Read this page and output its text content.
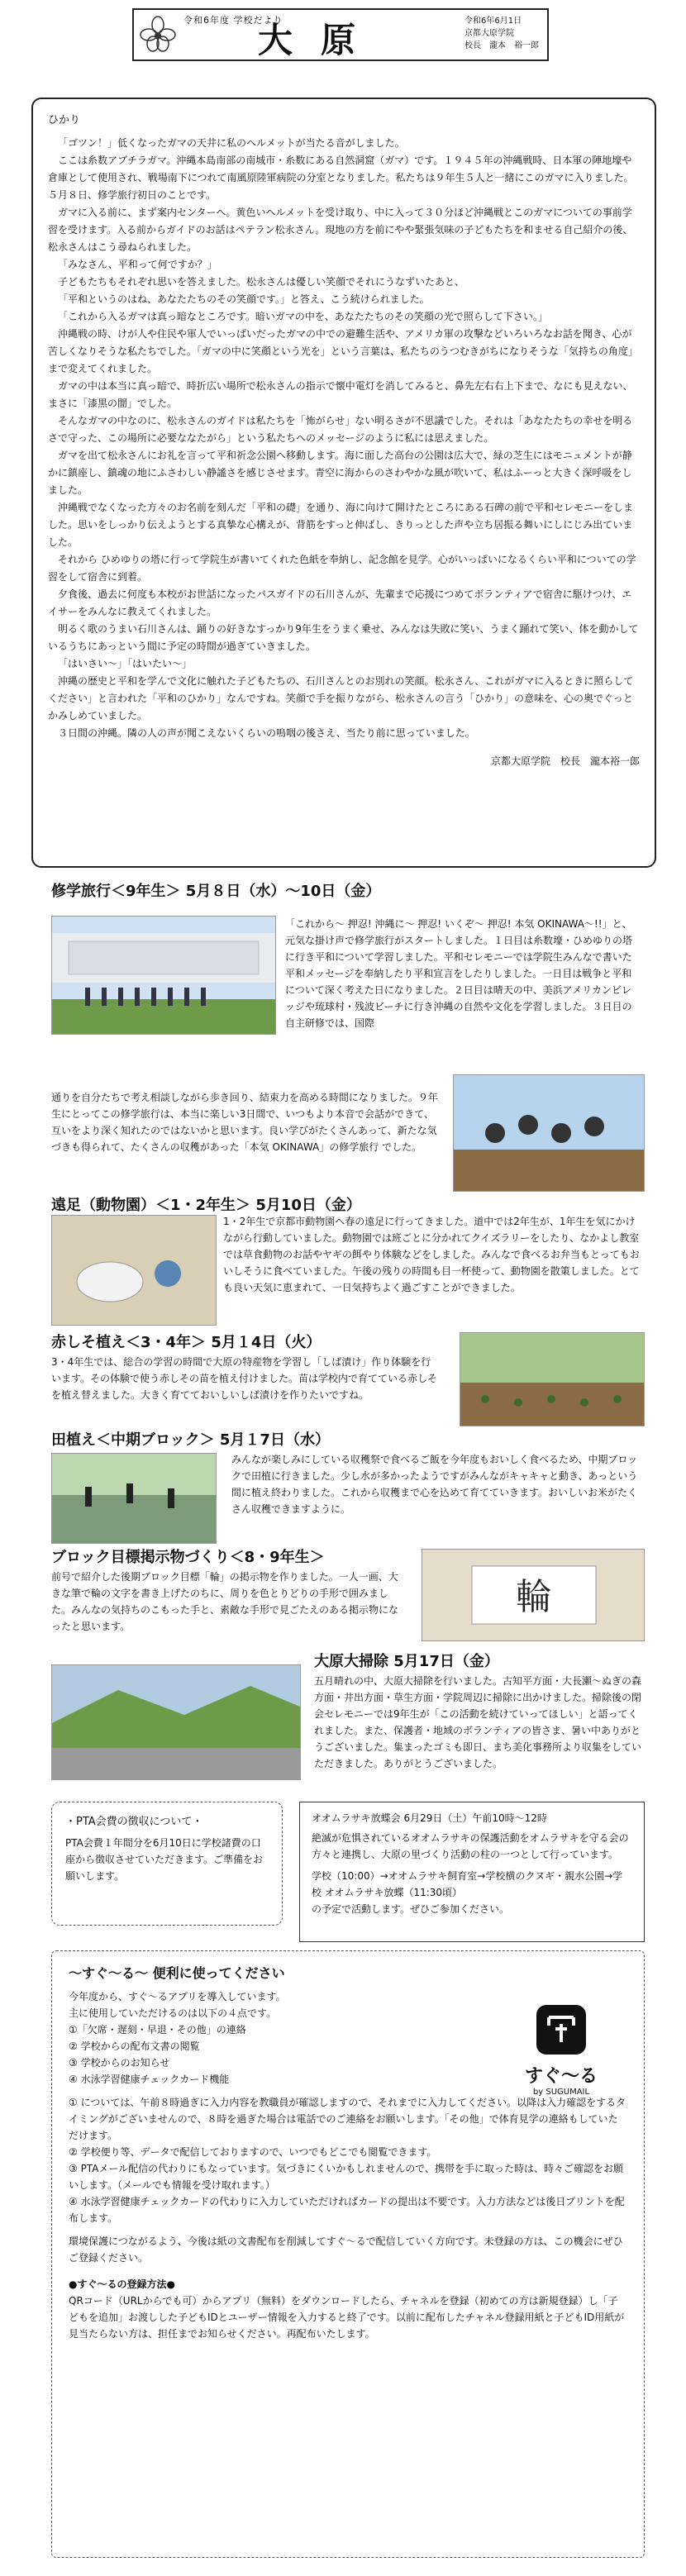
令和6年度 学校だより
大原	令和6年6月1日
京都大原学院
校長　瀧本　裕一郎
ひかり

「ゴツン！」低くなったガマの天井に私のヘルメットが当たる音がしました。

ここは糸数アブチラガマ。沖縄本島南部の南城市・糸数にある自然洞窟（ガマ）です。１９４５年の沖縄戦時、日本軍の陣地壕や倉庫として使用され、戦場南下につれて南風原陸軍病院の分室となりました。私たちは９年生５人と一緒にこのガマに入りました。５月８日、修学旅行初日のことです。

ガマに入る前に、まず案内センターへ。黄色いヘルメットを受け取り、中に入って３０分ほど沖縄戦とこのガマについての事前学習を受けます。入る前からガイドのお話はペテラン松永さん。現地の方を前にやや緊張気味の子どもたちを和ませる自己紹介の後、松永さんはこう尋ねられました。

「みなさん、平和って何ですか？」

子どもたちもそれぞれ思いを答えました。松永さんは優しい笑顔でそれにうなずいたあと、

「平和というのはね、あなたたちのその笑顔です。」と答え、こう続けられました。

「これから入るガマは真っ暗なところです。暗いガマの中を、あなたたちのその笑顔の光で照らして下さい。」

沖縄戦の時、けが人や住民や軍人でいっぱいだったガマの中での避難生活や、アメリカ軍の攻撃などいろいろなお話を聞き、心が苦しくなりそうな私たちでした。「ガマの中に笑顔という光を」という言葉は、私たちのうつむきがちになりそうな「気持ちの角度」まで変えてくれました。

ガマの中は本当に真っ暗で、時折広い場所で松永さんの指示で懐中電灯を消してみると、鼻先左右右上下まで、なにも見えない、まさに「漆黒の闇」でした。

そんなガマの中なのに、松永さんのガイドは私たちを「怖がらせ」ない明るさが不思議でした。それは「あなたたちの幸せを明るさで守った、この場所に必要ななたがら」という私たちへのメッセージのように私には思えました。

ガマを出て松永さんにお礼を言って平和祈念公園へ移動します。海に面した高台の公園は広大で、緑の芝生にはモニュメントが静かに鎮座し、鎮魂の地にふさわしい静謐さを感じさせます。青空に海からのさわやかな風が吹いて、私はふーっと大きく深呼吸をしました。

沖縄戦でなくなった方々のお名前を刻んだ「平和の礎」を通り、海に向けて開けたところにある石碑の前で平和セレモニーをしました。思いをしっかり伝えようとする真摯な心構えが、背筋をすっと伸ばし、きりっとした声や立ち居振る舞いにしにじみ出ていました。

それから ひめゆりの塔に行って学院生が書いてくれた色紙を奉納し、記念館を見学。心がいっぱいになるくらい平和についての学習をして宿舎に到着。

夕食後、過去に何度も本校がお世話になったバスガイドの石川さんが、先輩まで応援につめてボランティアで宿舎に駆けつけ、エイサーをみんなに教えてくれました。

明るく歌のうまい石川さんは、踊りの好きなすっかり9年生をうまく乗せ、みんなは失敗に笑い、うまく踊れて笑い、体を動かしているうちにあっという間に予定の時間が過ぎていきました。

「はいさい～」「はいたい～」

沖縄の歴史と平和を学んで文化に触れた子どもたちの、石川さんとのお別れの笑顔。松永さん、これがガマに入るときに照らしてください」と言われた「平和のひかり」なんですね。笑顔で手を振りながら、松永さんの言う「ひかり」の意味を、心の奥でぐっとかみしめていました。

３日間の沖縄。隣の人の声が聞こえないくらいの嗚咽の後さえ、当たり前に思っていました。

京都大原学院　校長　瀧本裕一郎
修学旅行＜9年生＞ 5月８日（水）～10日（金）
「これから～ 押忍! 沖縄に～ 押忍! いくぞ～ 押忍! 本気 OKINAWA～!!」と、元気な掛け声で修学旅行がスタートしました。１日目は糸数壕・ひめゆりの塔に行き平和について学習しました。平和セレモニーでは学院生みんなで書いた平和メッセージを奉納したり平和宣言をしたりしました。一日目は戦争と平和について深く考えた日になりました。２日目は晴天の中、美浜アメリカンビレッジや琉球村・残波ビーチに行き沖縄の自然や文化を学習しました。３日目の自主研修では、国際
通りを自分たちで考え相談しながら歩き回り、結束力を高める時間になりました。９年生にとってこの修学旅行は、本当に楽しい3日間で、いつもより本音で会話ができて、互いをより深く知れたのではないかと思います。良い学びがたくさんあって、新たな気づきも得られて、たくさんの収穫があった「本気 OKINAWA」の修学旅行 でした。
遠足（動物園）＜1・2年生＞ 5月10日（金）
1・2年生で京都市動物園へ春の遠足に行ってきました。道中では2年生が、1年生を気にかけながら行動していました。動物園では班ごとに分かれてクイズラリーをしたり、なかよし教室では草食動物のお話やヤギの餌やり体験などをしました。みんなで食べるお弁当もとってもおいしそうに食べていました。午後の残りの時間も目一杯使って、動物園を散策しました。とても良い天気に恵まれて、一日気持ちよく過ごすことができました。
赤しそ植え＜3・4年＞ 5月１4日（火）
3・4年生では、総合の学習の時間で大原の特産物を学習し「しば漬け」作り体験を行います。その体験で使う赤しその苗を植え付けました。苗は学校内で育てている赤しそを植え替えました。大きく育てておいしいしば漬けを作りたいですね。
田植え＜中期ブロック＞ 5月１7日（水）
みんなが楽しみにしている収穫祭で食べるご飯を今年度もおいしく食べるため、中期ブロックで田植に行きました。少し水が多かったようですがみんながキャキャと動き、あっという間に植え終わりました。これから収穫まで心を込めて育てていきます。おいしいお米がたくさん収穫できますように。
ブロック目標掲示物づくり＜8・9年生＞
前号で紹介した後期ブロック目標「輪」の掲示物を作りました。一人一画、大きな筆で輪の文字を書き上げたのちに、周りを色とりどりの手形で囲みました。みんなの気持ちのこもった手と、素敵な手形で見ごたえのある掲示物になったと思います。
輪
大原大掃除 5月17日（金）
五月晴れの中、大原大掃除を行いました。古知平方面・大長瀬～ぬぎの森方面・井出方面・草生方面・学院周辺に掃除に出かけました。掃除後の閉会セレモニーでは9年生が「この活動を続けていってほしい」と語ってくれました。また、保護者・地域のボランティアの皆さま、暑い中ありがとうございました。集まったゴミも即日、まち美化事務所より収集をしていただきました。ありがとうございました。
・PTA会費の徴収について・
PTA会費１年間分を6月10日に学校諸費の口座から徴収させていただきます。ご準備をお願いします。
オオムラサキ放蝶会 6月29日（土）午前10時～12時
絶滅が危惧されているオオムラサキの保護活動をオムラサキを守る会の方々と連携し、大原の里づくり活動の柱の一つとして行っています。
学校（10:00）→オオムラサキ飼育室→学校横のクヌギ・親水公園→学校 オオムラサキ放蝶（11:30頃）
の予定で活動します。ぜひご参加ください。
～すぐ～る～ 便利に使ってください
今年度から、すぐ～るアプリを導入しています。
主に使用していただけるのは以下の４点です。
①「欠席・遅刻・早退・その他」の連絡
② 学校からの配布文書の閲覧
③ 学校からのお知らせ
④ 水泳学習健康チェックカード機能
① については、午前８時過ぎに入力内容を教職員が確認しますので、それまでに入力してください。以降は入力確認をするタイミングがございませんので、８時を過ぎた場合は電話でのご連絡をお願いします。「その他」で体育見学の連絡もしていただけます。
② 学校便り等、データで配信しておりますので、いつでもどこでも閲覧できます。
③ PTAメール配信の代わりにもなっています。気づきにくいかもしれませんので、携帯を手に取った時は、時々ご確認をお願いします。（メールでも情報を受け取れます。）
④ 水泳学習健康チェックカードの代わりに入力していただければカードの提出は不要です。入力方法などは後日プリントを配布します。
環境保護につながるよう、今後は紙の文書配布を削減してすぐ～るで配信していく方向です。未登録の方は、この機会にぜひご登録ください。
●すぐ～るの登録方法●
QRコード（URLからでも可）からアプリ（無料）をダウンロードしたら、チャネルを登録（初めての方は新規登録）し「子どもを追加」お渡しした子どもIDとユーザー情報を入力すると終了です。以前に配布したチャネル登録用紙と子どもID用紙が見当たらない方は、担任までお知らせください。再配布いたします。
すぐ～る
by SUGUMAIL
